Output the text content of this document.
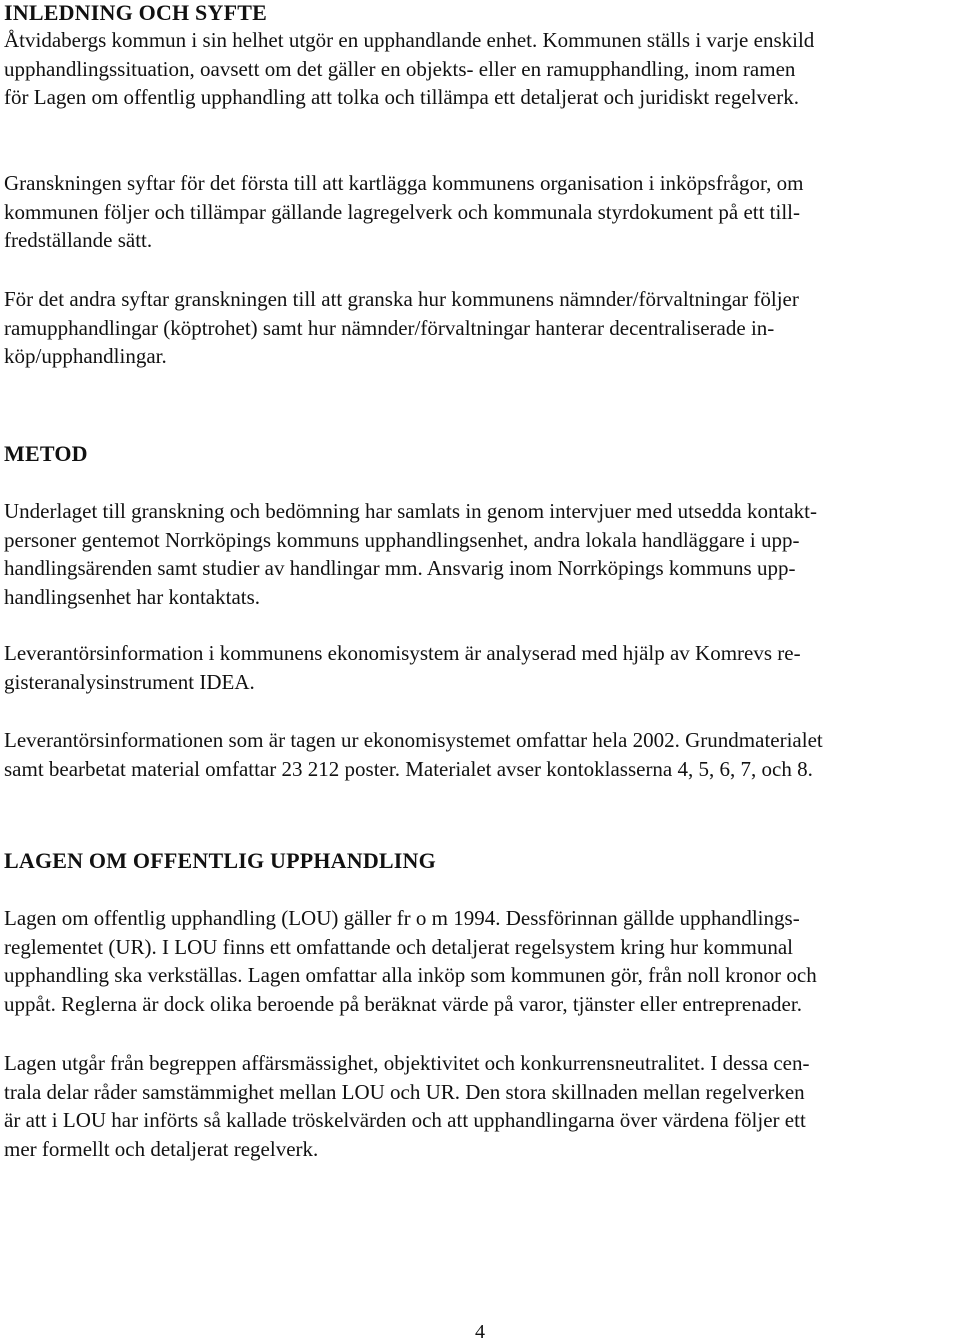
INLEDNING OCH SYFTE

Åtvidabergs kommun i sin helhet utgör en upphandlande enhet. Kommunen ställs i varje enskild
upphandlingssituation, oavsett om det gäller en objekts- eller en ramupphandling, inom ramen
för Lagen om offentlig upphandling att tolka och tillämpa ett detaljerat och juridiskt regelverk.

Granskningen syftar för det första till att kartlägga kommunens organisation i inköpsfrågor, om
kommunen följer och tillämpar gällande lagregelverk och kommunala styrdokument på ett till-
fredställande sätt.

För det andra syftar granskningen till att granska hur kommunens nämnder/förvaltningar följer
ramupphandlingar (köptrohet) samt hur nämnder/förvaltningar hanterar decentraliserade in-
köp/upphandlingar.

METOD

Underlaget till granskning och bedömning har samlats in genom intervjuer med utsedda kontakt-
personer gentemot Norrköpings kommuns upphandlingsenhet, andra lokala handläggare i upp-
handlingsärenden samt studier av handlingar mm. Ansvarig inom Norrköpings kommuns upp-
handlingsenhet har kontaktats.

Leverantörsinformation i kommunens ekonomisystem är analyserad med hjälp av Komrevs re-
gisteranalysinstrument IDEA.

Leverantörsinformationen som är tagen ur ekonomisystemet omfattar hela 2002. Grundmaterialet
samt bearbetat material omfattar 23 212 poster. Materialet avser kontoklasserna 4, 5, 6, 7, och 8.

LAGEN OM OFFENTLIG UPPHANDLING

Lagen om offentlig upphandling (LOU) gäller fr o m 1994. Dessförinnan gällde upphandlings-
reglementet (UR). I LOU finns ett omfattande och detaljerat regelsystem kring hur kommunal
upphandling ska verkställas. Lagen omfattar alla inköp som kommunen gör, från noll kronor och
uppåt. Reglerna är dock olika beroende på beräknat värde på varor, tjänster eller entreprenader.

Lagen utgår från begreppen affärsmässighet, objektivitet och konkurrensneutralitet. I dessa cen-
trala delar råder samstämmighet mellan LOU och UR. Den stora skillnaden mellan regelverken
är att i LOU har införts så kallade tröskelvärden och att upphandlingarna över värdena följer ett
mer formellt och detaljerat regelverk.

4
